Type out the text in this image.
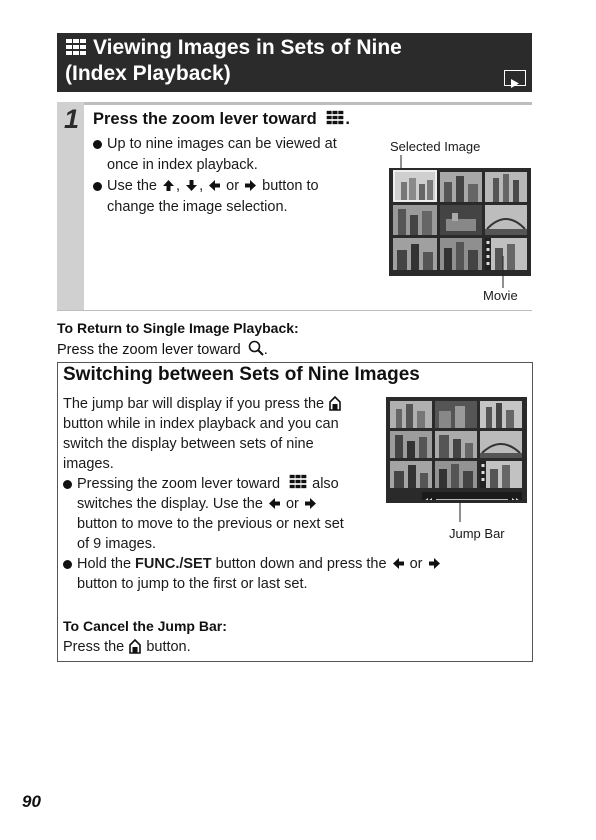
Viewing Images in Sets of Nine
(Index Playback)
1 Press the zoom lever toward .
Up to nine images can be viewed at
once in index playback.
Use the , , or button to
change the image selection.
Selected Image
Movie
To Return to Single Image Playback:
Press the zoom lever toward .
Switching between Sets of Nine Images
The jump bar will display if you press the
button while in index playback and you can
switch the display between sets of nine
images.
Pressing the zoom lever toward also
switches the display. Use the or
button to move to the previous or next set
of 9 images.
Jump Bar
Hold the FUNC./SET button down and press the or
button to jump to the first or last set.
To Cancel the Jump Bar:
Press the button.
90
